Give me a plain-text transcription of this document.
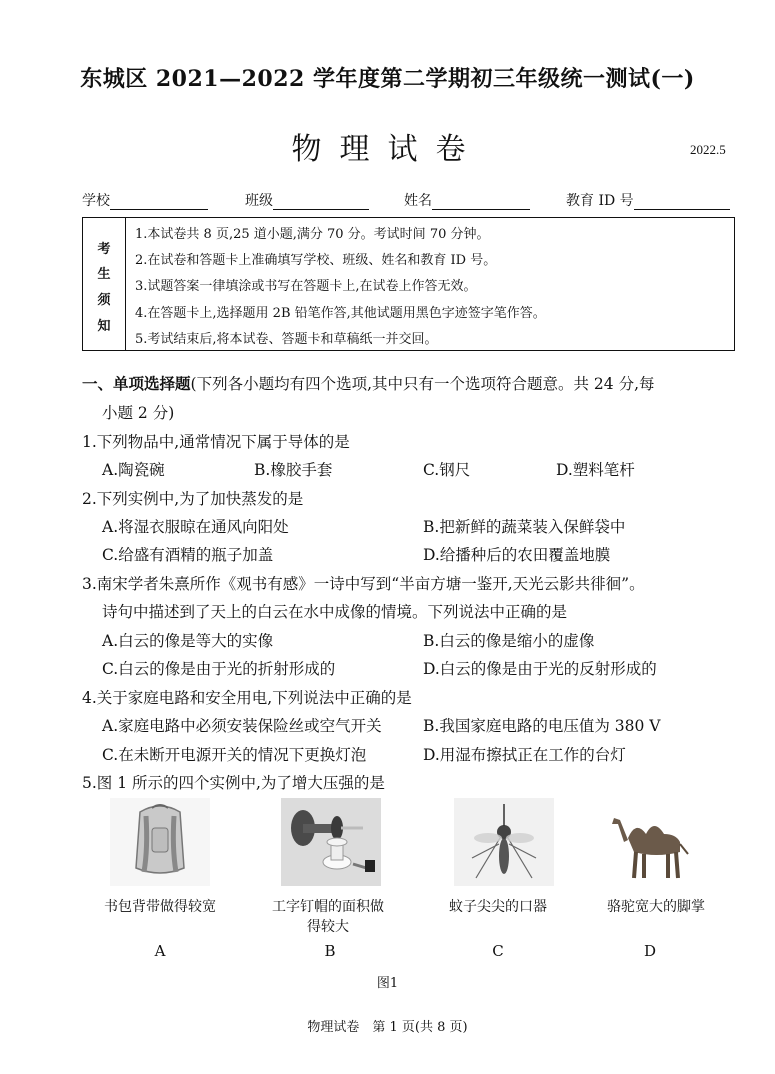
东城区 2021—2022 学年度第二学期初三年级统一测试(一)
物理试卷	2022.5
学校	班级	姓名	教育 ID 号
考
生
须
知
1.本试卷共 8 页,25 道小题,满分 70 分。考试时间 70 分钟。
2.在试卷和答题卡上准确填写学校、班级、姓名和教育 ID 号。
3.试题答案一律填涂或书写在答题卡上,在试卷上作答无效。
4.在答题卡上,选择题用 2B 铅笔作答,其他试题用黑色字迹签字笔作答。
5.考试结束后,将本试卷、答题卡和草稿纸一并交回。
一、单项选择题(下列各小题均有四个选项,其中只有一个选项符合题意。共 24 分,每
小题 2 分)
1.下列物品中,通常情况下属于导体的是
A.陶瓷碗	B.橡胶手套	C.钢尺	D.塑料笔杆
2.下列实例中,为了加快蒸发的是
A.将湿衣服晾在通风向阳处	B.把新鲜的蔬菜装入保鲜袋中
C.给盛有酒精的瓶子加盖	D.给播种后的农田覆盖地膜
3.南宋学者朱熹所作《观书有感》一诗中写到“半亩方塘一鉴开,天光云影共徘徊”。
诗句中描述到了天上的白云在水中成像的情境。下列说法中正确的是
A.白云的像是等大的实像	B.白云的像是缩小的虚像
C.白云的像是由于光的折射形成的	D.白云的像是由于光的反射形成的
4.关于家庭电路和安全用电,下列说法中正确的是
A.家庭电路中必须安装保险丝或空气开关	B.我国家庭电路的电压值为 380 V
C.在未断开电源开关的情况下更换灯泡	D.用湿布擦拭正在工作的台灯
5.图 1 所示的四个实例中,为了增大压强的是
书包背带做得较宽	工字钉帽的面积做得较大
蚊子尖尖的口器	骆驼宽大的脚掌
A	B	C	D
图1
物理试卷　第 1 页(共 8 页)
